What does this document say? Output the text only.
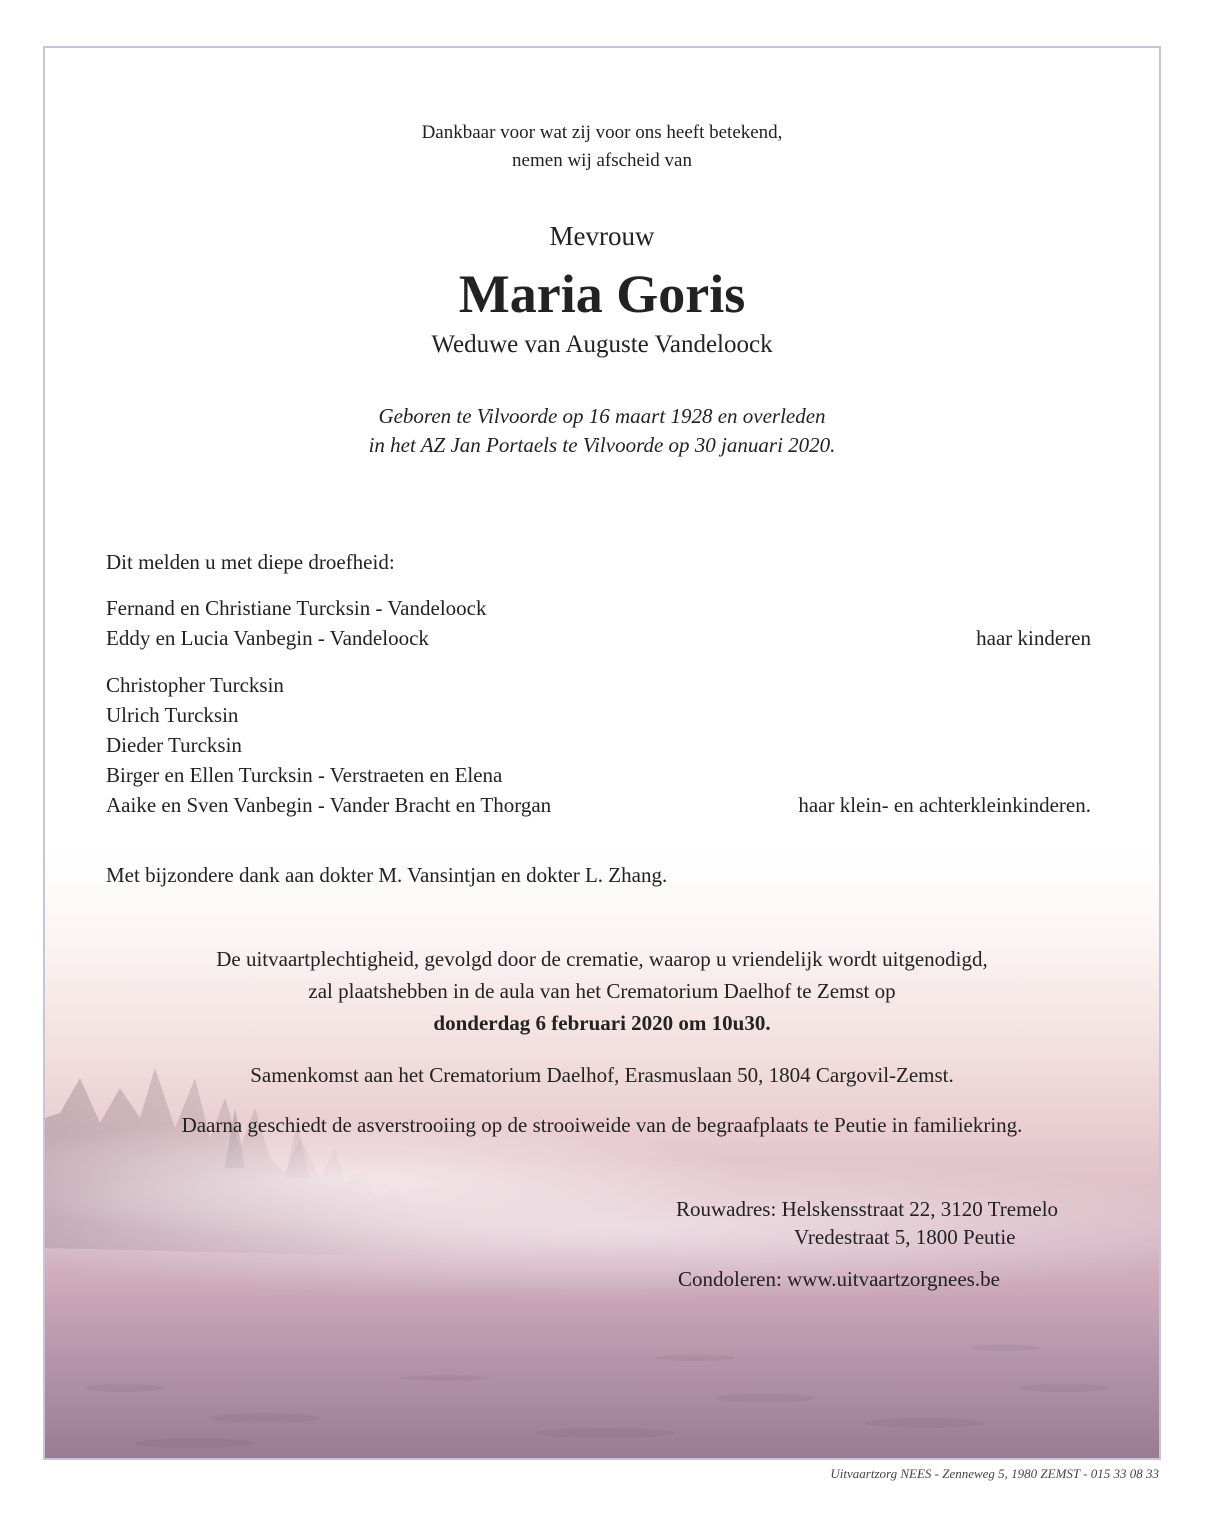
Dankbaar voor wat zij voor ons heeft betekend,
nemen wij afscheid van
Mevrouw
Maria Goris
Weduwe van Auguste Vandeloock
Geboren te Vilvoorde op 16 maart 1928 en overleden
in het AZ Jan Portaels te Vilvoorde op 30 januari 2020.
Dit melden u met diepe droefheid:
Fernand en Christiane Turcksin - Vandeloock
Eddy en Lucia Vanbegin - Vandeloock	haar kinderen
Christopher Turcksin
Ulrich Turcksin
Dieder Turcksin
Birger en Ellen Turcksin - Verstraeten en Elena
Aaike en Sven Vanbegin - Vander Bracht en Thorgan	haar klein- en achterkleinkinderen.
Met bijzondere dank aan dokter M. Vansintjan en dokter L. Zhang.
De uitvaartplechtigheid, gevolgd door de crematie, waarop u vriendelijk wordt uitgenodigd,
zal plaatshebben in de aula van het Crematorium Daelhof te Zemst op
donderdag 6 februari 2020 om 10u30.
Samenkomst aan het Crematorium Daelhof, Erasmuslaan 50, 1804 Cargovil-Zemst.
Daarna geschiedt de asverstrooiing op de strooiweide van de begraafplaats te Peutie in familiekring.
Rouwadres: Helskensstraat 22, 3120 Tremelo
Vredestraat 5, 1800 Peutie
Condoleren: www.uitvaartzorgnees.be
Uitvaartzorg NEES - Zenneweg 5, 1980 ZEMST - 015 33 08 33
